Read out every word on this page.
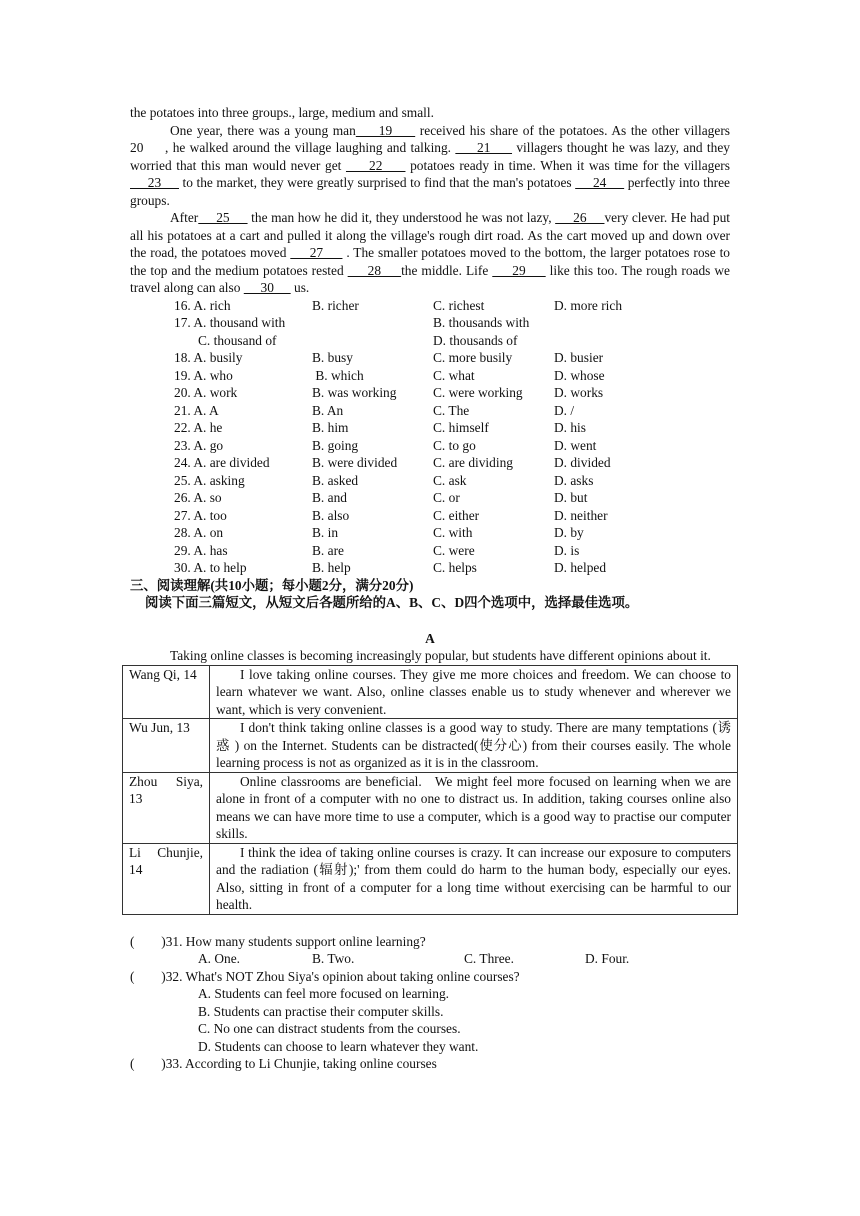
the potatoes into three groups., large, medium and small.

One year, there was a young man     19      received his share of the potatoes. As the other villagers      20     , he walked around the village laughing and talking.      21      villagers thought he was lazy, and they worried that this man would never get      22      potatoes ready in time. When it was time for the villagers     23      to the market, they were greatly surprised to find that the man's potatoes      24      perfectly into three groups.

After     25      the man how he did it, they understood he was not lazy,      26     very clever. He had put all his potatoes at a cart and pulled it along the village's rough dirt road. As the cart moved up and down over the road, the potatoes moved      27      . The smaller potatoes moved to the bottom, the larger potatoes rose to the top and the medium potatoes rested      28     the middle. Life      29      like this too. The rough roads we travel along can also      30      us.

16. A. rich	B. richer	C. richest	D. more rich
17. A. thousand with	B. thousands with
C. thousand of	D. thousands of
18. A. busily	B. busy	C. more busily	D. busier
19. A. who	B. which	C. what	D. whose
20. A. work	B. was working	C. were working	D. works
21. A. A	B. An	C. The	D. /
22. A. he	B. him	C. himself	D. his
23. A. go	B. going	C. to go	D. went
24. A. are divided	B. were divided	C. are dividing	D. divided
25. A. asking	B. asked	C. ask	D. asks
26. A. so	B. and	C. or	D. but
27. A. too	B. also	C. either	D. neither
28. A. on	B. in	C. with	D. by
29. A. has	B. are	C. were	D. is
30. A. to help	B. help	C. helps	D. helped
三、阅读理解(共10小题；每小题2分，满分20分)
阅读下面三篇短文，从短文后各题所给的A、B、C、D四个选项中，选择最佳选项。
A

Taking online classes is becoming increasingly popular, but students have different opinions about it.

Wang Qi, 14	I love taking online courses. They give me more choices and freedom. We can choose to learn whatever we want. Also, online classes enable us to study whenever and wherever we want, which is very convenient.
Wu Jun, 13	I don't think taking online classes is a good way to study. There are many temptations (诱惑 ) on the Internet. Students can be distracted(使分心) from their courses easily. The whole learning process is not as organized as it is in the classroom.
Zhou Siya, 13	Online classrooms are beneficial.   We might feel more focused on learning when we are alone in front of a computer with no one to distract us. In addition, taking courses online also means we can have more time to use a computer, which is a good way to practise our computer skills.
Li Chunjie, 14	I think the idea of taking online courses is crazy. It can increase our exposure to computers and the radiation (辐射);' from them could do harm to the human body, especially our eyes. Also, sitting in front of a computer for a long time without exercising can be harmful to our health.
(        )31. How many students support online learning?
A. One.	B. Two.	C. Three.	D. Four.
(        )32. What's NOT Zhou Siya's opinion about taking online courses?
A. Students can feel more focused on learning.
B. Students can practise their computer skills.
C. No one can distract students from the courses.
D. Students can choose to learn whatever they want.
(        )33. According to Li Chunjie, taking online courses
